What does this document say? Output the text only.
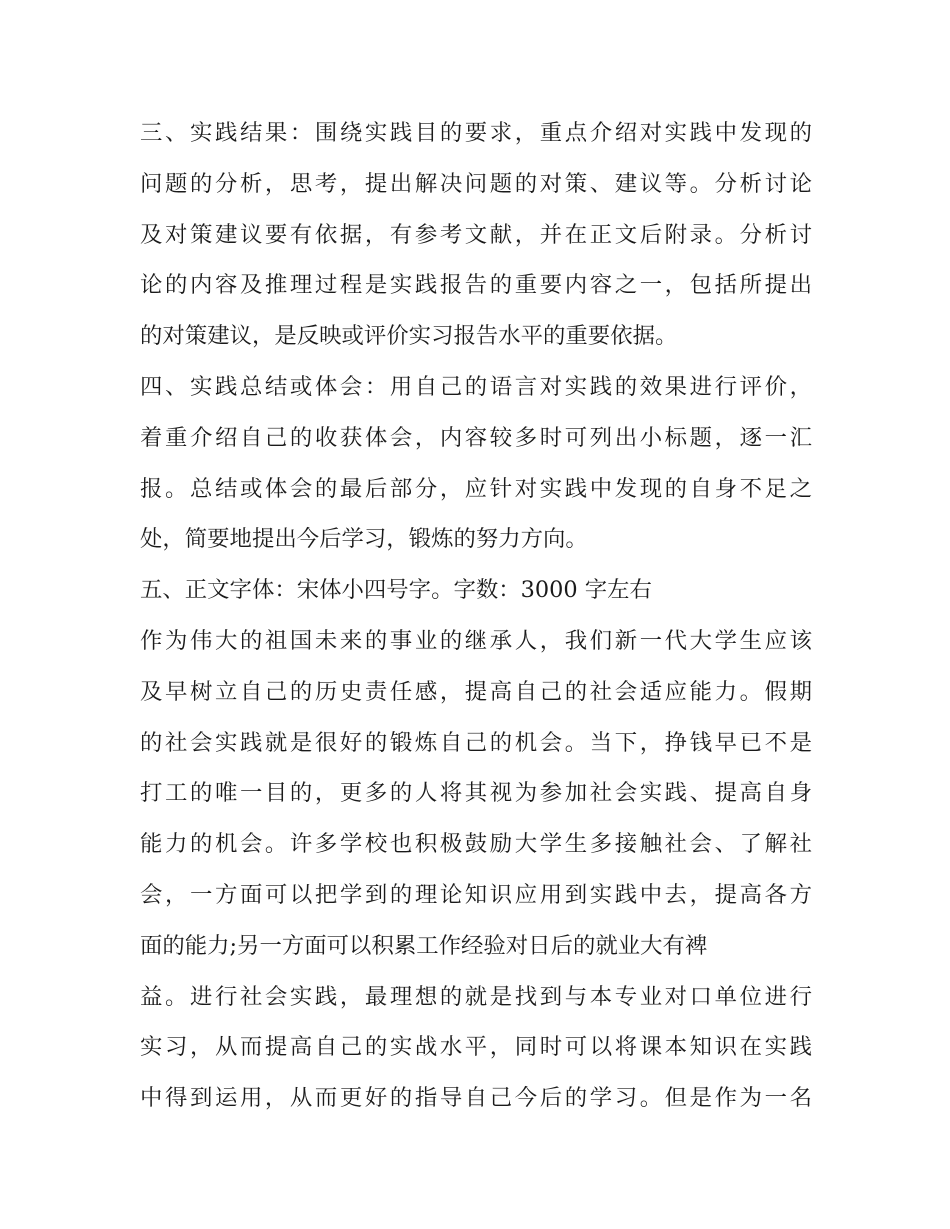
三、实践结果：围绕实践目的要求，重点介绍对实践中发现的
问题的分析，思考，提出解决问题的对策、建议等。分析讨论
及对策建议要有依据，有参考文献，并在正文后附录。分析讨
论的内容及推理过程是实践报告的重要内容之一，包括所提出
的对策建议，是反映或评价实习报告水平的重要依据。
四、实践总结或体会：用自己的语言对实践的效果进行评价，
着重介绍自己的收获体会，内容较多时可列出小标题，逐一汇
报。总结或体会的最后部分，应针对实践中发现的自身不足之
处，简要地提出今后学习，锻炼的努力方向。
五、正文字体：宋体小四号字。字数：3000 字左右
作为伟大的祖国未来的事业的继承人，我们新一代大学生应该
及早树立自己的历史责任感，提高自己的社会适应能力。假期
的社会实践就是很好的锻炼自己的机会。当下，挣钱早已不是
打工的唯一目的，更多的人将其视为参加社会实践、提高自身
能力的机会。许多学校也积极鼓励大学生多接触社会、了解社
会，一方面可以把学到的理论知识应用到实践中去，提高各方
面的能力;另一方面可以积累工作经验对日后的就业大有裨
益。进行社会实践，最理想的就是找到与本专业对口单位进行
实习，从而提高自己的实战水平，同时可以将课本知识在实践
中得到运用，从而更好的指导自己今后的学习。但是作为一名
